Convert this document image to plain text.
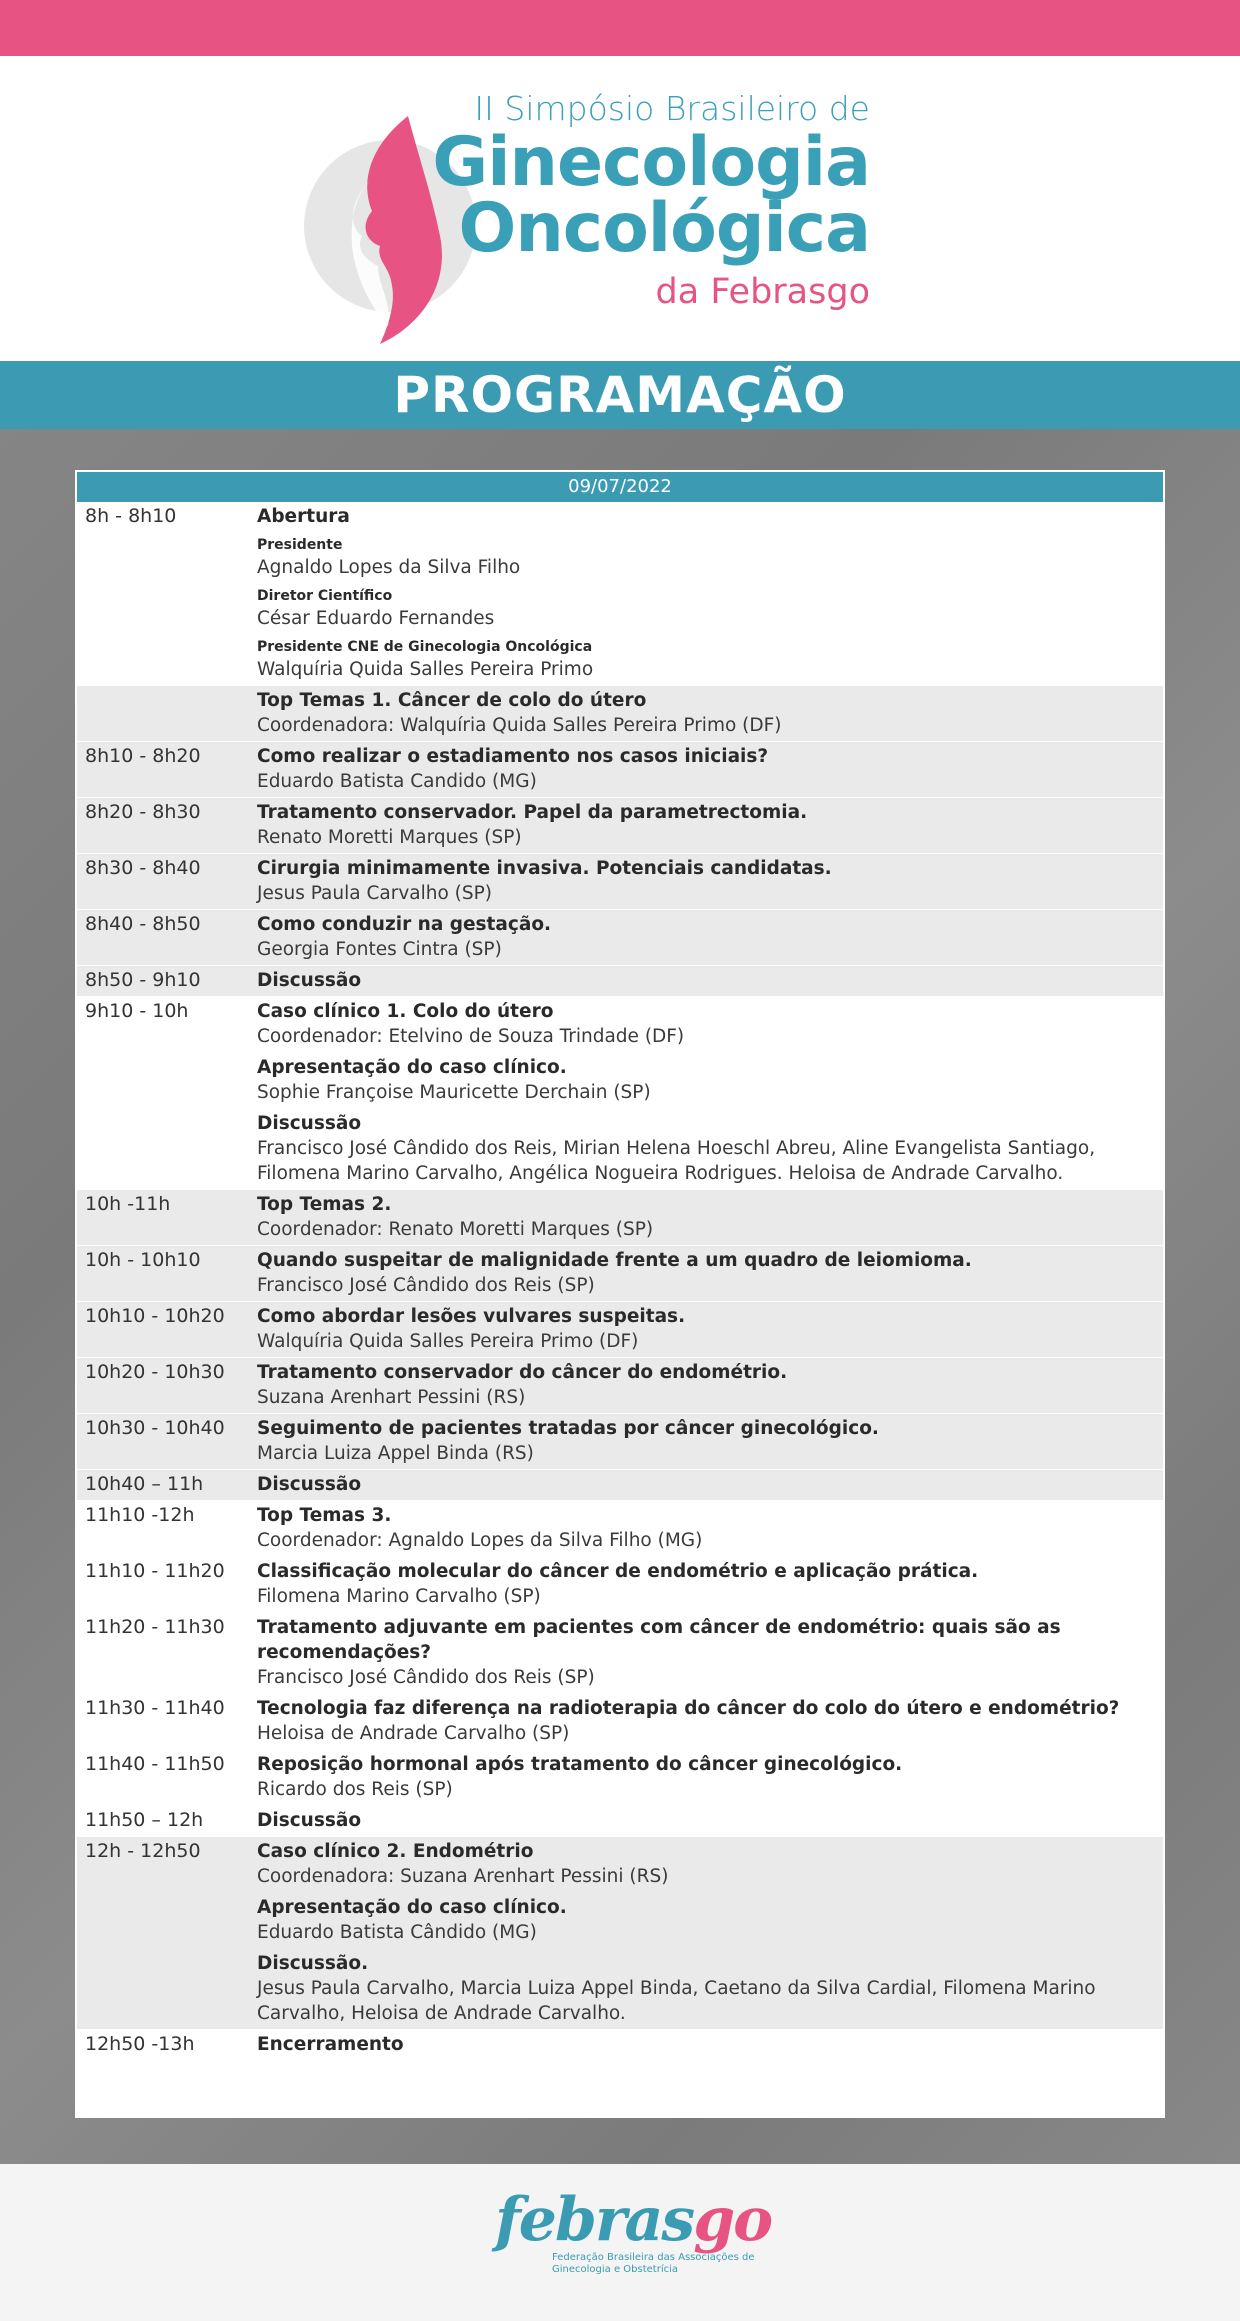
II Simpósio Brasileiro de
Ginecologia
Oncológica
da Febrasgo
PROGRAMAÇÃO
09/07/2022
8h - 8h10	Abertura
Presidente
Agnaldo Lopes da Silva Filho
Diretor Científico
César Eduardo Fernandes
Presidente CNE de Ginecologia Oncológica
Walquíria Quida Salles Pereira Primo
Top Temas 1. Câncer de colo do útero
Coordenadora: Walquíria Quida Salles Pereira Primo (DF)
8h10 - 8h20	Como realizar o estadiamento nos casos iniciais?
Eduardo Batista Candido (MG)
8h20 - 8h30	Tratamento conservador. Papel da parametrectomia.
Renato Moretti Marques (SP)
8h30 - 8h40	Cirurgia minimamente invasiva. Potenciais candidatas.
Jesus Paula Carvalho (SP)
8h40 - 8h50	Como conduzir na gestação.
Georgia Fontes Cintra (SP)
8h50 - 9h10	Discussão
9h10 - 10h	Caso clínico 1. Colo do útero
Coordenador: Etelvino de Souza Trindade (DF)
Apresentação do caso clínico.
Sophie Françoise Mauricette Derchain (SP)
Discussão
Francisco José Cândido dos Reis, Mirian Helena Hoeschl Abreu, Aline Evangelista Santiago, Filomena Marino Carvalho, Angélica Nogueira Rodrigues. Heloisa de Andrade Carvalho.
10h -11h	Top Temas 2.
Coordenador: Renato Moretti Marques (SP)
10h - 10h10	Quando suspeitar de malignidade frente a um quadro de leiomioma.
Francisco José Cândido dos Reis (SP)
10h10 - 10h20	Como abordar lesões vulvares suspeitas.
Walquíria Quida Salles Pereira Primo (DF)
10h20 - 10h30	Tratamento conservador do câncer do endométrio.
Suzana Arenhart Pessini (RS)
10h30 - 10h40	Seguimento de pacientes tratadas por câncer ginecológico.
Marcia Luiza Appel Binda (RS)
10h40 – 11h	Discussão
11h10 -12h	Top Temas 3.
Coordenador: Agnaldo Lopes da Silva Filho (MG)
11h10 - 11h20	Classificação molecular do câncer de endométrio e aplicação prática.
Filomena Marino Carvalho (SP)
11h20 - 11h30	Tratamento adjuvante em pacientes com câncer de endométrio: quais são as recomendações?
Francisco José Cândido dos Reis (SP)
11h30 - 11h40	Tecnologia faz diferença na radioterapia do câncer do colo do útero e endométrio?
Heloisa de Andrade Carvalho (SP)
11h40 - 11h50	Reposição hormonal após tratamento do câncer ginecológico.
Ricardo dos Reis (SP)
11h50 – 12h	Discussão
12h - 12h50	Caso clínico 2. Endométrio
Coordenadora: Suzana Arenhart Pessini (RS)
Apresentação do caso clínico.
Eduardo Batista Cândido (MG)
Discussão.
Jesus Paula Carvalho, Marcia Luiza Appel Binda, Caetano da Silva Cardial, Filomena Marino Carvalho, Heloisa de Andrade Carvalho.
12h50 -13h	Encerramento
febrasgo
Federação Brasileira das Associações de Ginecologia e Obstetrícia
